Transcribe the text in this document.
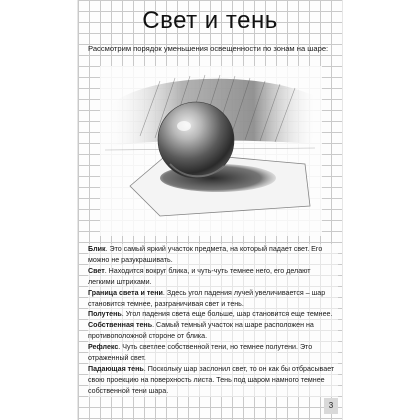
Свет и тень
Рассмотрим порядок уменьшения освещенности по зонам на шаре:

Блик. Это самый яркий участок предмета, на который падает свет. Его можно не разукрашивать.

Свет. Находится вокруг блика, и чуть-чуть темнее него, его делают легкими штрихами.

Граница света и тени. Здесь угол падения лучей увеличивается – шар становится темнее, разграничивая свет и тень.

Полутень. Угол падения света еще больше, шар становится еще темнее.

Собственная тень. Самый темный участок на шаре расположен на противоположной стороне от блика.

Рефлекс. Чуть светлее собственной тени, но темнее полутени. Это отраженный свет.

Падающая тень. Поскольку шар заслонил свет, то он как бы отбрасывает свою проекцию на поверхность листа. Тень под шаром намного темнее собственной тени шара.

3
